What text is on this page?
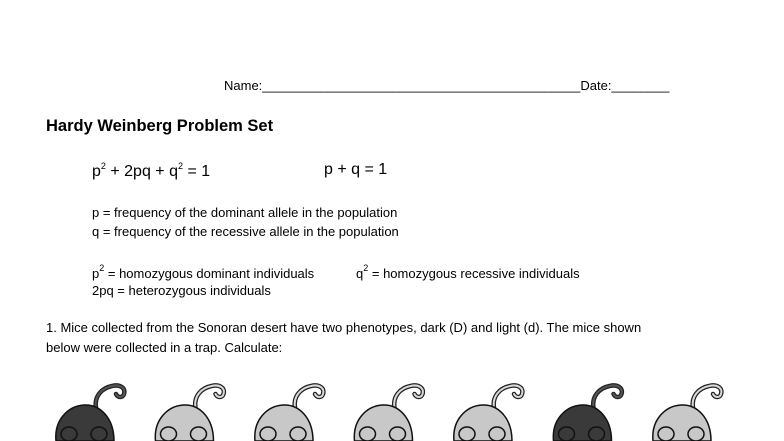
Name:____________________________________________Date:________
Hardy Weinberg Problem Set
$p^2 + 2pq + q^2 = 1$	p + q = 1
p = frequency of the dominant allele in the population
q = frequency of the recessive allele in the population
$p^2$ = homozygous dominant individuals	$q^2$ = homozygous recessive individuals
2pq = heterozygous individuals
1. Mice collected from the Sonoran desert have two phenotypes, dark (D) and light (d). The mice shown
below were collected in a trap. Calculate:
